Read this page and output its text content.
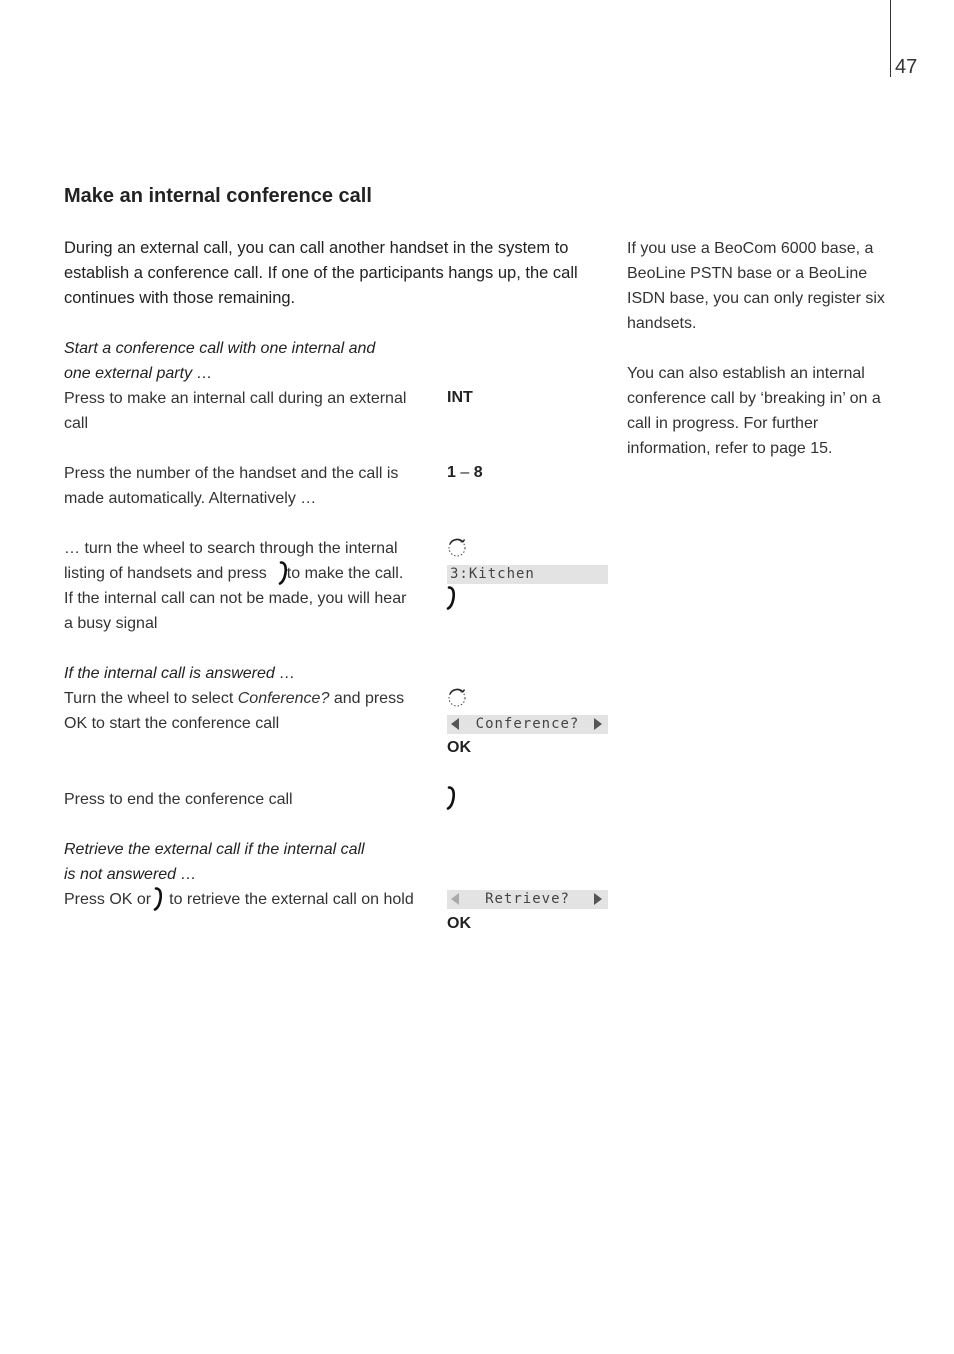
47
Make an internal conference call

During an external call, you can call another handset in the system to establish a conference call. If one of the participants hangs up, the call continues with those remaining.

If you use a BeoCom 6000 base, a BeoLine PSTN base or a BeoLine ISDN base, you can only register six handsets.

You can also establish an internal conference call by ‘breaking in’ on a call in progress. For further information, refer to page 15.

Start a conference call with one internal and
one external party …
Press to make an internal call during an external
call
INT
Press the number of the handset and the call is
made automatically. Alternatively …
1 – 8
… turn the wheel to search through the internal
listing of handsets and press to make the call.
If the internal call can not be made, you will hear
a busy signal
3:Kitchen
If the internal call is answered …
Turn the wheel to select Conference? and press
OK to start the conference call	Conference?
OK
Press to end the conference call
Retrieve the external call if the internal call
is not answered …
Press OK or to retrieve the external call on hold	Retrieve?
OK
